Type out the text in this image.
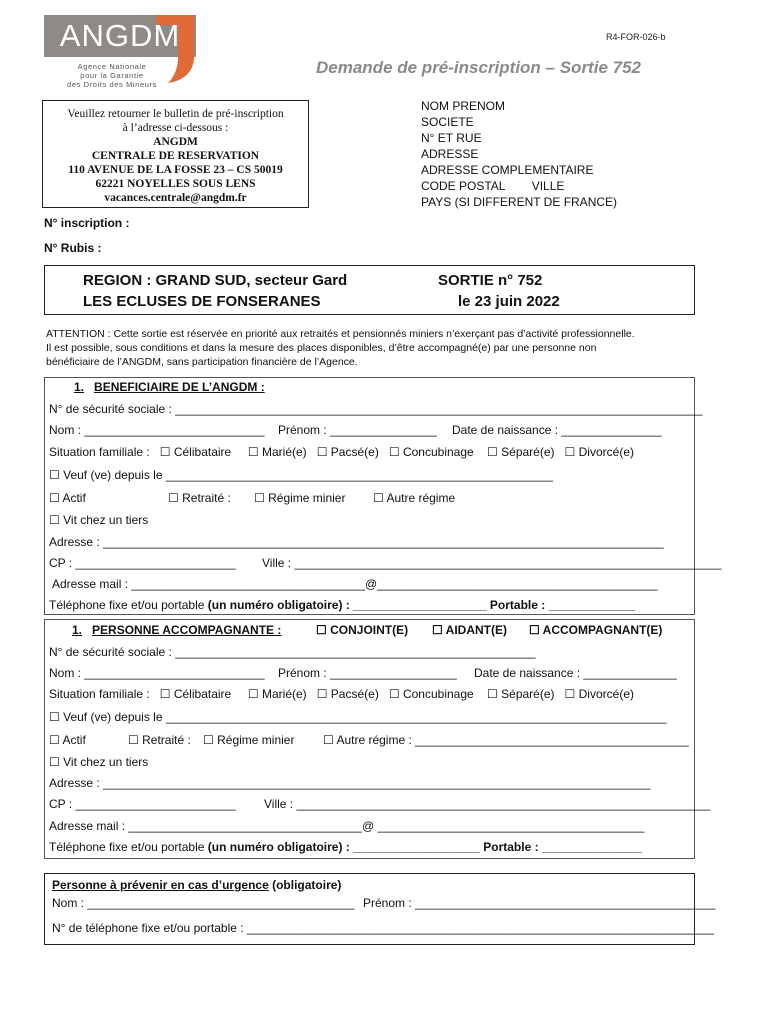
ANGDM
Agence Nationale
pour la Garantie
des Droits des Mineurs
R4-FOR-026-b
Demande de pré-inscription – Sortie 752
Veuillez retourner le bulletin de pré-inscription
à l’adresse ci-dessous :
ANGDM
CENTRALE DE RESERVATION
110 AVENUE DE LA FOSSE 23 – CS 50019
62221 NOYELLES SOUS LENS
vacances.centrale@angdm.fr
NOM PRENOM
SOCIETE
N° ET RUE
ADRESSE
ADRESSE COMPLEMENTAIRE
CODE POSTAL        VILLE
PAYS (SI DIFFERENT DE FRANCE)
N° inscription :
N° Rubis :
REGION : GRAND SUD, secteur Gard
LES ECLUSES DE FONSERANES
SORTIE n° 752
le 23 juin 2022
ATTENTION : Cette sortie est réservée en priorité aux retraités et pensionnés miniers n’exerçant pas d’activité professionnelle.
Il est possible, sous conditions et dans la mesure des places disponibles, d’être accompagné(e) par une personne non
bénéficiaire de l’ANGDM, sans participation financière de l’Agence.
1. BENEFICIAIRE DE L’ANGDM :
N° de sécurité sociale : _______________________________________________________________________________
Nom : ___________________________ Prénom : ________________ Date de naissance : _______________
Situation familiale : ☐ Célibataire ☐ Marié(e) ☐ Pacsé(e) ☐ Concubinage ☐ Séparé(e) ☐ Divorcé(e)
☐ Veuf (ve) depuis le __________________________________________________________
☐ Actif	☐ Retraité : ☐ Régime minier ☐ Autre régime
☐ Vit chez un tiers
Adresse : ____________________________________________________________________________________
CP : ________________________ Ville : ________________________________________________________________
Adresse mail : ___________________________________@__________________________________________
Téléphone fixe et/ou portable (un numéro obligatoire) : ____________________ Portable : _____________
1. PERSONNE ACCOMPAGNANTE :	☐ CONJOINT(E) ☐ AIDANT(E) ☐ ACCOMPAGNANT(E)
N° de sécurité sociale : ______________________________________________________
Nom : ___________________________ Prénom : ___________________ Date de naissance : ______________
Situation familiale : ☐ Célibataire ☐ Marié(e) ☐ Pacsé(e) ☐ Concubinage ☐ Séparé(e) ☐ Divorcé(e)
☐ Veuf (ve) depuis le ___________________________________________________________________________
☐ Actif	☐ Retraité : ☐ Régime minier ☐ Autre régime : _________________________________________
☐ Vit chez un tiers
Adresse : __________________________________________________________________________________
CP : ________________________ Ville : ______________________________________________________________
Adresse mail : ___________________________________@ ________________________________________
Téléphone fixe et/ou portable (un numéro obligatoire) : ___________________ Portable : _______________
Personne à prévenir en cas d’urgence (obligatoire)
Nom : ________________________________________ Prénom : _____________________________________________
N° de téléphone fixe et/ou portable : ______________________________________________________________________
